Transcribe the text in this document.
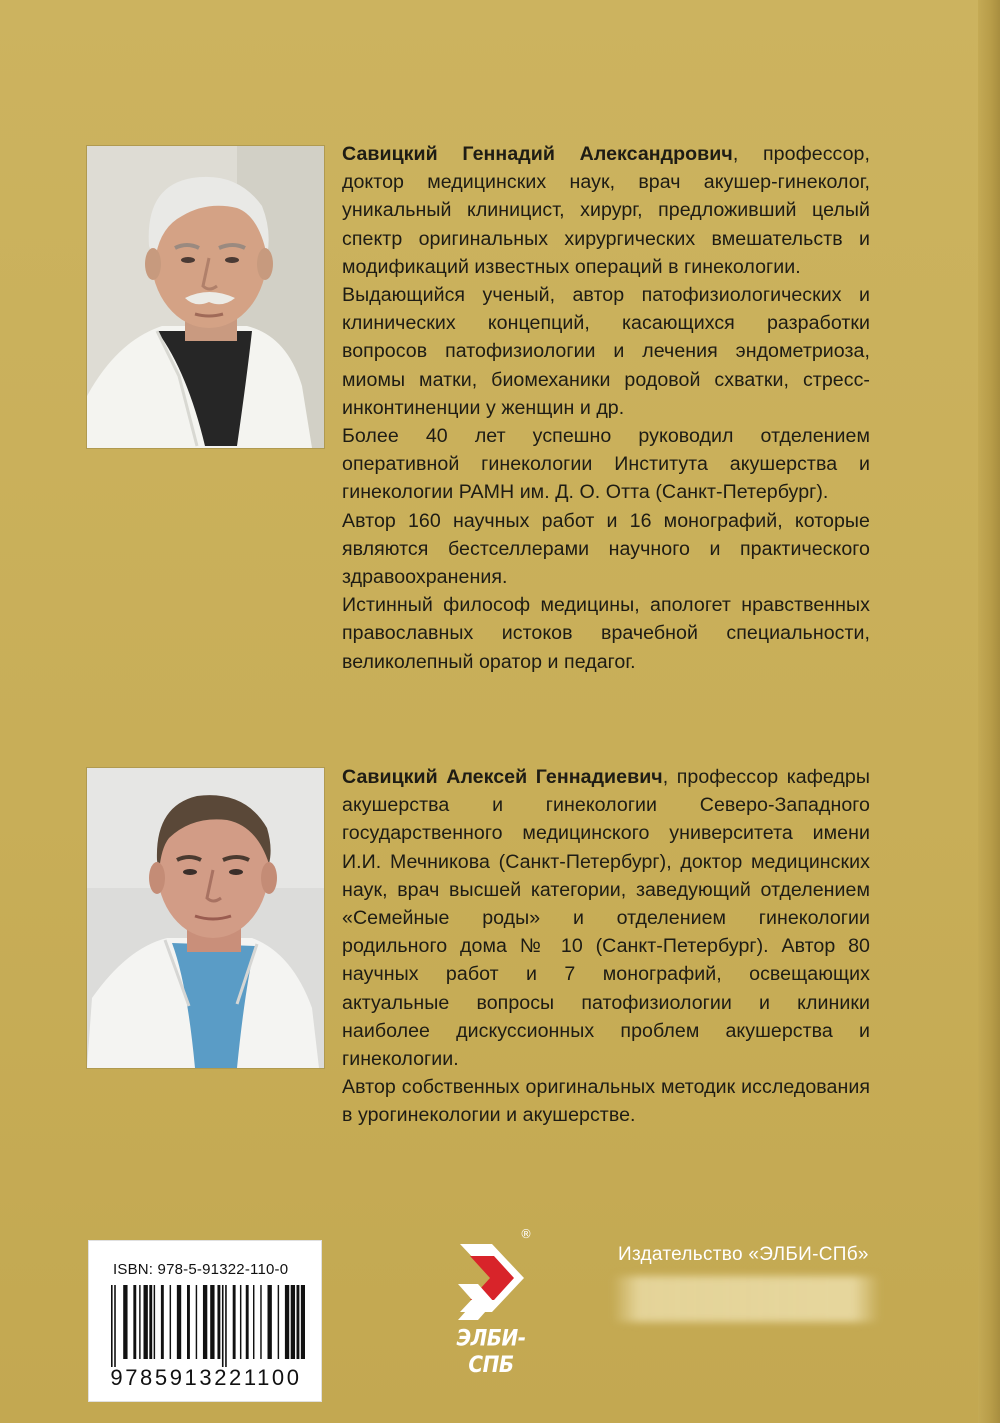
Савицкий Геннадий Александрович, профессор, доктор медицинских наук, врач акушер-гинеколог, уникальный клиницист, хирург, предложивший целый спектр оригинальных хирургических вмешательств и модификаций известных операций в гинекологии.

Выдающийся ученый, автор патофизиологических и клинических концепций, касающихся разработки вопросов патофизиологии и лечения эндометриоза, миомы матки, биомеханики родовой схватки, стресс-инконтиненции у женщин и др.

Более 40 лет успешно руководил отделением оперативной гинекологии Института акушерства и гинекологии РАМН им. Д. О. Отта (Санкт-Петербург).

Автор 160 научных работ и 16 монографий, которые являются бестселлерами научного и практического здравоохранения.

Истинный философ медицины, апологет нравственных православных истоков врачебной специальности, великолепный оратор и педагог.

Савицкий Алексей Геннадиевич, профессор кафедры акушерства и гинекологии Северо-Западного государственного медицинского университета имени И.И. Мечникова (Санкт-Петербург), доктор медицинских наук, врач высшей категории, заведующий отделением «Семейные роды» и отделением гинекологии родильного дома № 10 (Санкт-Петербург). Автор 80 научных работ и 7 монографий, освещающих актуальные вопросы патофизиологии и клиники наиболее дискуссионных проблем акушерства и гинекологии.

Автор собственных оригинальных методик исследования в урогинекологии и акушерстве.

ISBN: 978-5-91322-110-0
9785913221100
®
ЭЛБИ-СПБ
Издательство «ЭЛБИ-СПб»
